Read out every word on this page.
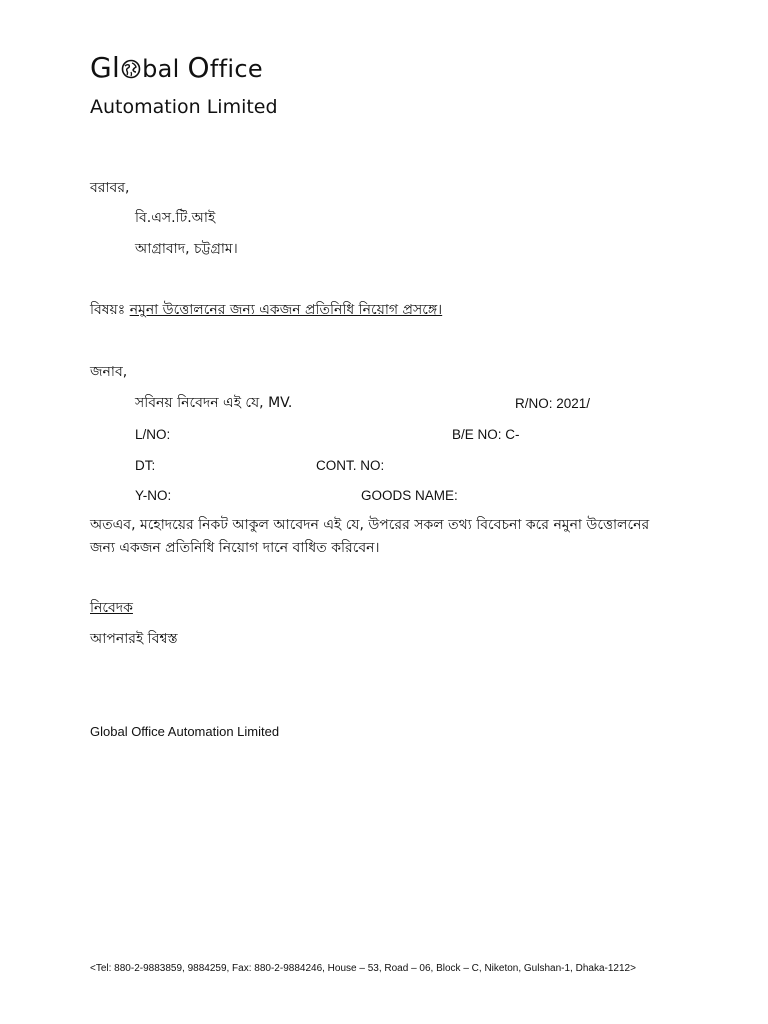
Gl bal Office
Automation Limited
বরাবর,
বি.এস.টি.আই
আগ্রাবাদ, চট্টগ্রাম।
বিষয়ঃ নমুনা উত্তোলনের জন্য একজন প্রতিনিধি নিয়োগ প্রসঙ্গে।
জনাব,
সবিনয় নিবেদন এই যে, MV.	R/NO: 2021/
L/NO:	B/E NO: C-
DT:	CONT. NO:
Y-NO:	GOODS NAME:
অতএব, মহোদয়ের নিকট আকুল আবেদন এই যে, উপরের সকল তথ্য বিবেচনা করে নমুনা উত্তোলনের জন্য একজন প্রতিনিধি নিয়োগ দানে বাধিত করিবেন।
নিবেদক
আপনারই বিশ্বস্ত
Global Office Automation Limited
<Tel: 880-2-9883859, 9884259, Fax: 880-2-9884246, House – 53, Road – 06, Block – C, Niketon, Gulshan-1, Dhaka-1212>
